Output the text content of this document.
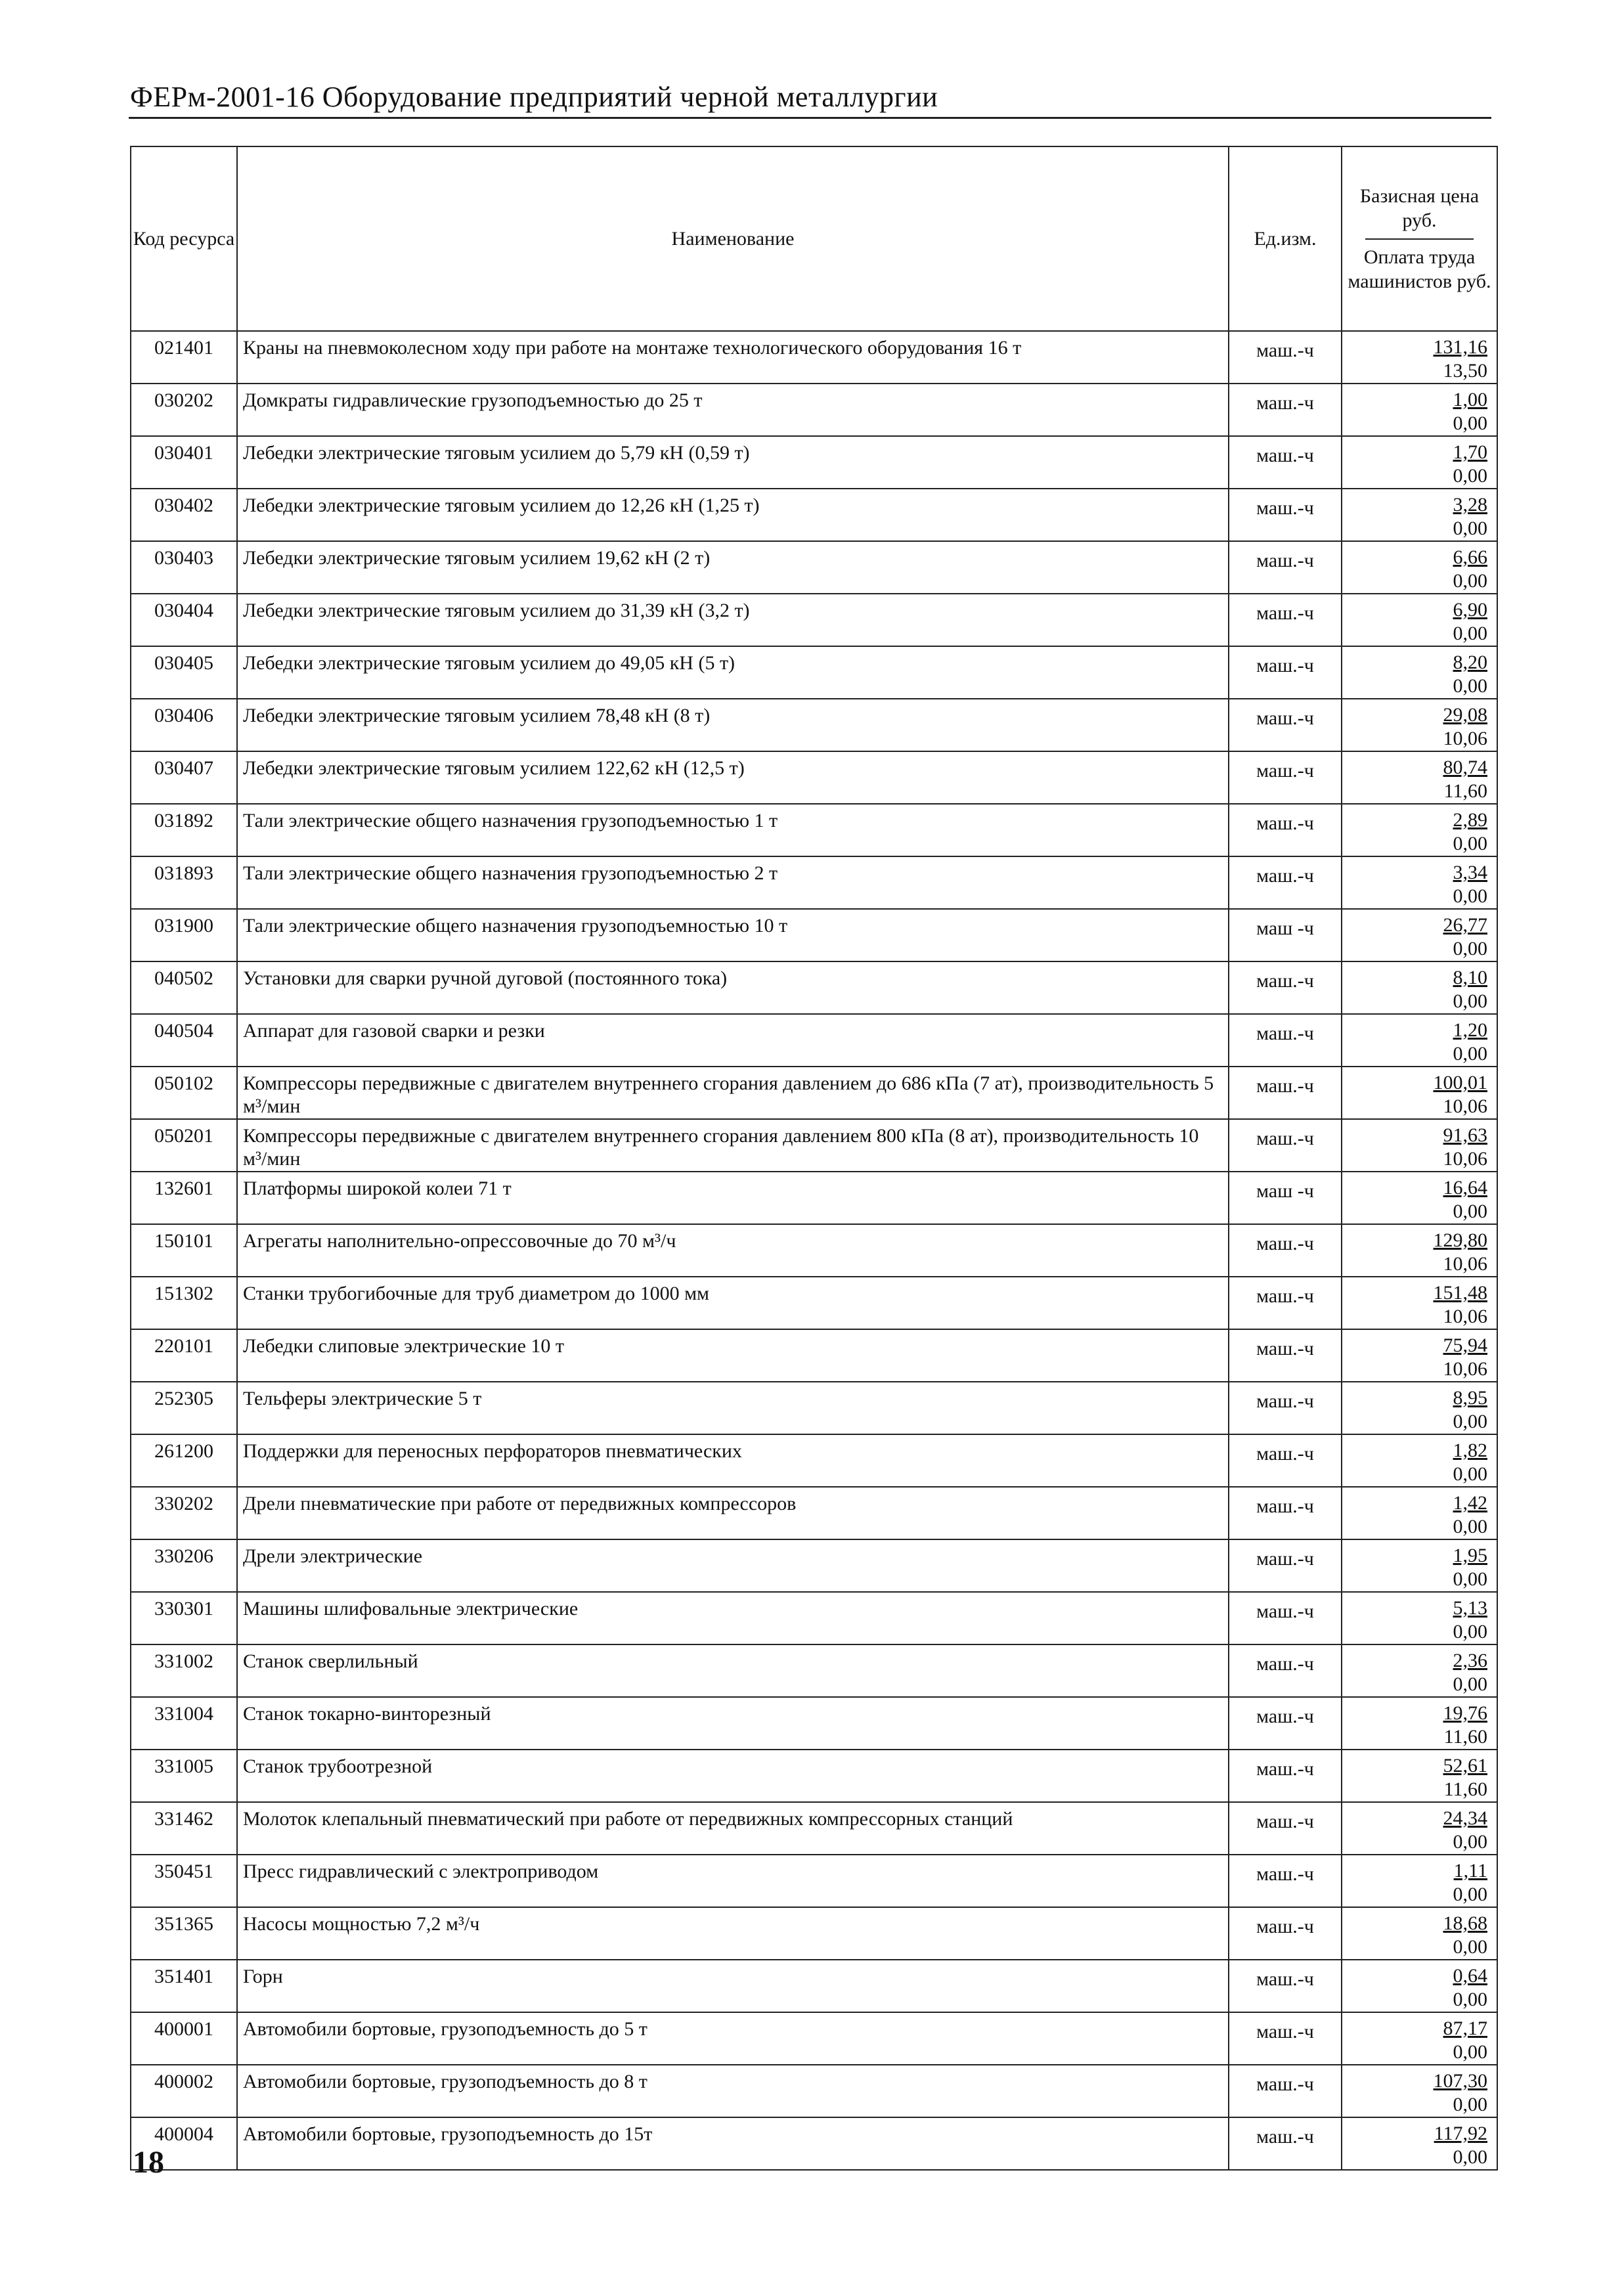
ФЕРм-2001-16 Оборудование предприятий черной металлургии
Код ресурса	Наименование	Ед.изм.	Базисная цена руб.
Оплата труда машинистов руб.

021401	Краны на пневмоколесном ходу при работе на монтаже технологического оборудования 16 т	маш.-ч	131,16
13,50

030202	Домкраты гидравлические грузоподъемностью до 25 т	маш.-ч	1,00
0,00

030401	Лебедки электрические тяговым усилием до 5,79 кН (0,59 т)	маш.-ч	1,70
0,00

030402	Лебедки электрические тяговым усилием до 12,26 кН (1,25 т)	маш.-ч	3,28
0,00

030403	Лебедки электрические тяговым усилием 19,62 кН (2 т)	маш.-ч	6,66
0,00

030404	Лебедки электрические тяговым усилием до 31,39 кН (3,2 т)	маш.-ч	6,90
0,00

030405	Лебедки электрические тяговым усилием до 49,05 кН (5 т)	маш.-ч	8,20
0,00

030406	Лебедки электрические тяговым усилием 78,48 кН (8 т)	маш.-ч	29,08
10,06

030407	Лебедки электрические тяговым усилием 122,62 кН (12,5 т)	маш.-ч	80,74
11,60

031892	Тали электрические общего назначения грузоподъемностью 1 т	маш.-ч	2,89
0,00

031893	Тали электрические общего назначения грузоподъемностью 2 т	маш.-ч	3,34
0,00

031900	Тали электрические общего назначения грузоподъемностью 10 т	маш -ч	26,77
0,00

040502	Установки для сварки ручной дуговой (постоянного тока)	маш.-ч	8,10
0,00

040504	Аппарат для газовой сварки и резки	маш.-ч	1,20
0,00

050102	Компрессоры передвижные с двигателем внутреннего сгорания давлением до 686 кПа (7 ат), производительность 5 м³/мин	маш.-ч	100,01
10,06

050201	Компрессоры передвижные с двигателем внутреннего сгорания давлением 800 кПа (8 ат), производительность 10 м³/мин	маш.-ч	91,63
10,06

132601	Платформы широкой колеи 71 т	маш -ч	16,64
0,00

150101	Агрегаты наполнительно-опрессовочные до 70 м³/ч	маш.-ч	129,80
10,06

151302	Станки трубогибочные для труб диаметром до 1000 мм	маш.-ч	151,48
10,06

220101	Лебедки слиповые электрические 10 т	маш.-ч	75,94
10,06

252305	Тельферы электрические 5 т	маш.-ч	8,95
0,00

261200	Поддержки для переносных перфораторов пневматических	маш.-ч	1,82
0,00

330202	Дрели пневматические при работе от передвижных компрессоров	маш.-ч	1,42
0,00

330206	Дрели электрические	маш.-ч	1,95
0,00

330301	Машины шлифовальные электрические	маш.-ч	5,13
0,00

331002	Станок сверлильный	маш.-ч	2,36
0,00

331004	Станок токарно-винторезный	маш.-ч	19,76
11,60

331005	Станок трубоотрезной	маш.-ч	52,61
11,60

331462	Молоток клепальный пневматический при работе от передвижных компрессорных станций	маш.-ч	24,34
0,00

350451	Пресс гидравлический с электроприводом	маш.-ч	1,11
0,00

351365	Насосы мощностью 7,2 м³/ч	маш.-ч	18,68
0,00

351401	Горн	маш.-ч	0,64
0,00

400001	Автомобили бортовые, грузоподъемность до 5 т	маш.-ч	87,17
0,00

400002	Автомобили бортовые, грузоподъемность до 8 т	маш.-ч	107,30
0,00

400004	Автомобили бортовые, грузоподъемность до 15т	маш.-ч	117,92
0,00
18
